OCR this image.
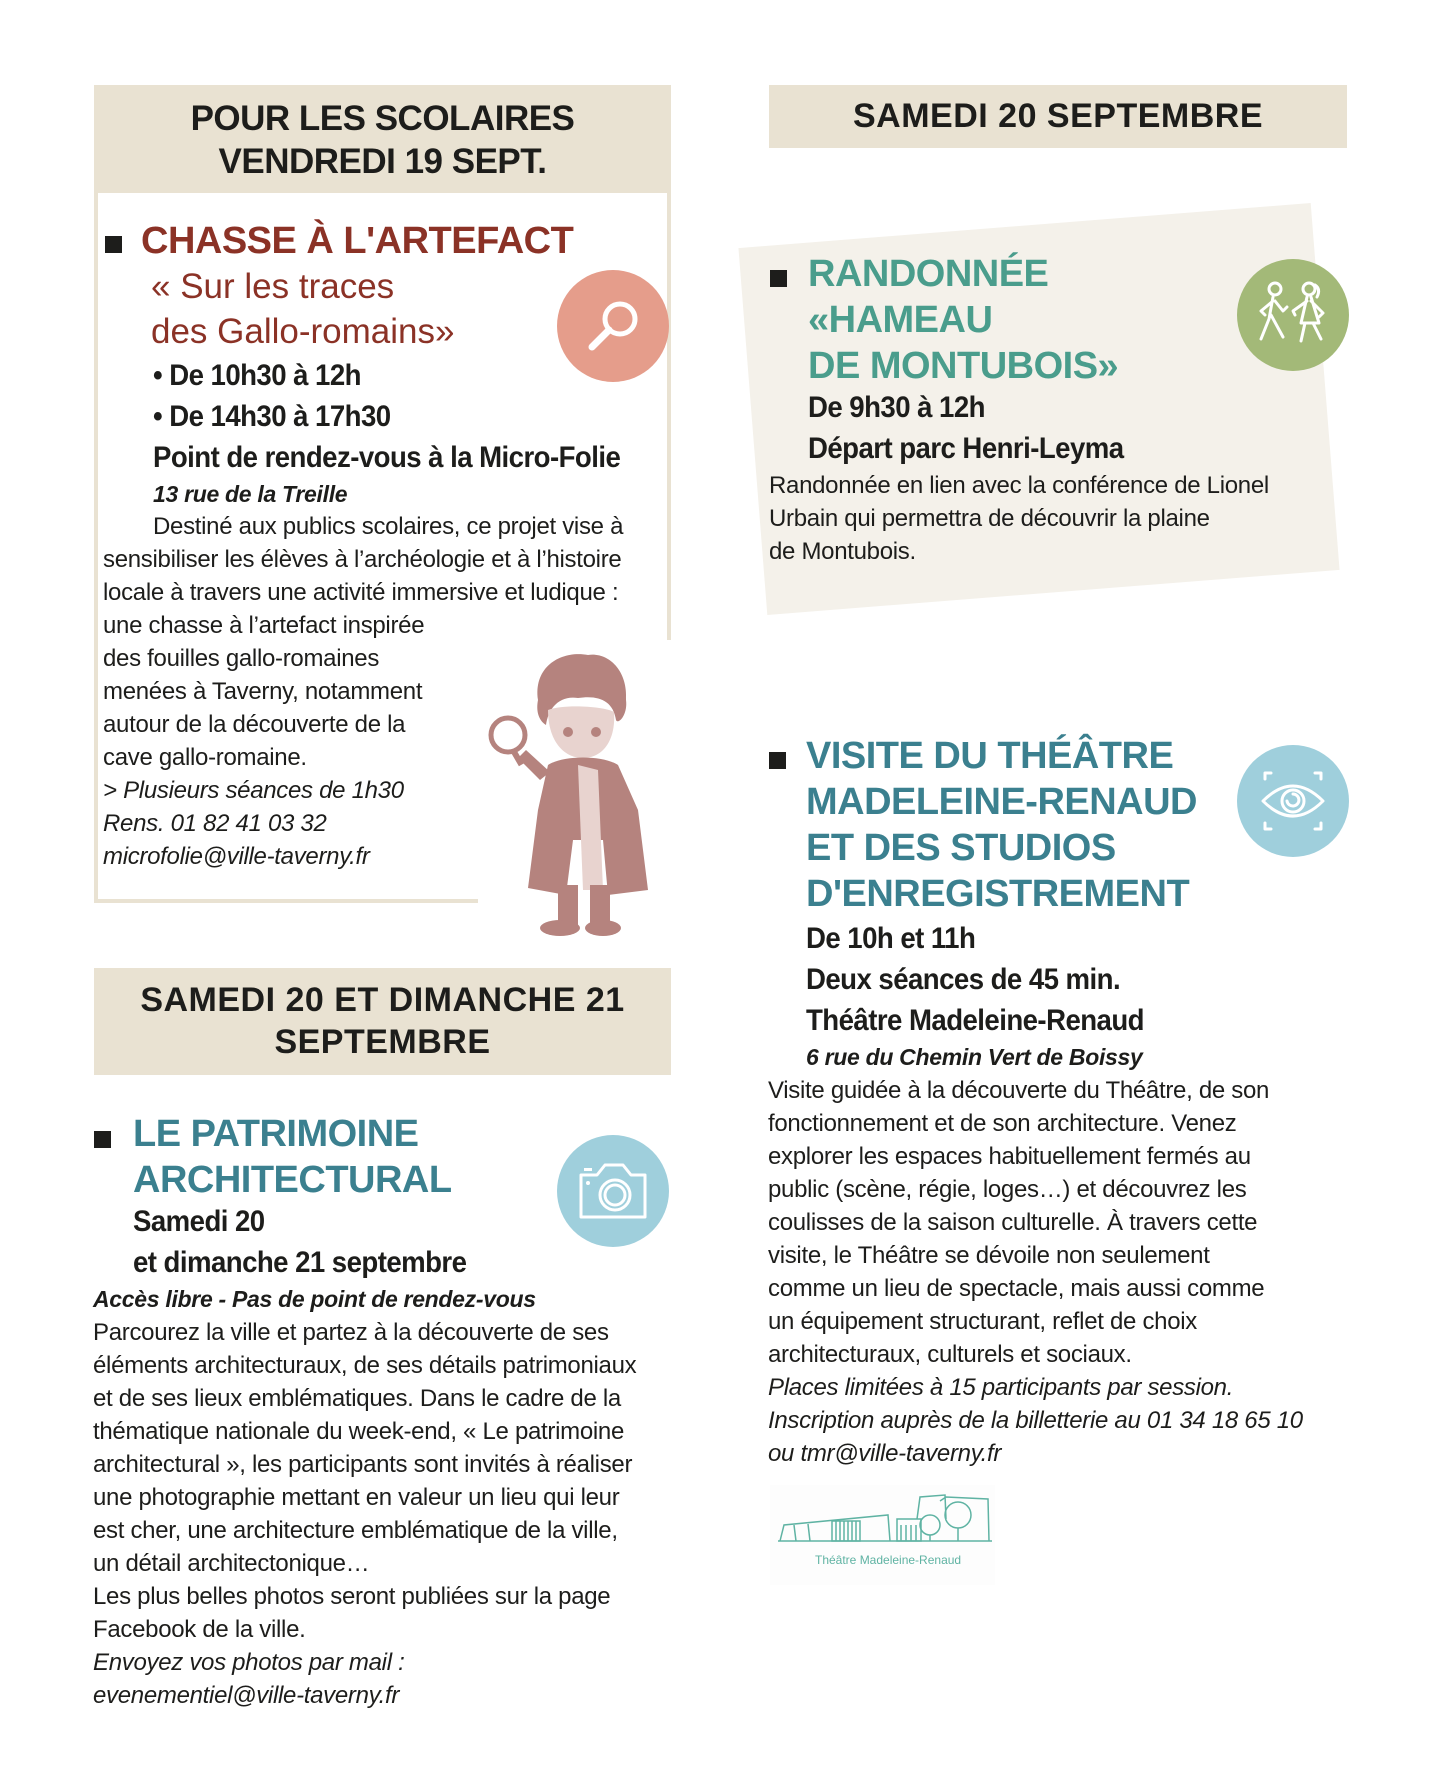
POUR LES SCOLAIRES
VENDREDI 19 SEPT.
CHASSE À L'ARTEFACT
« Sur les traces
des Gallo-romains»
• De 10h30 à 12h
• De 14h30 à 17h30
Point de rendez-vous à la Micro-Folie
13 rue de la Treille
Destiné aux publics scolaires, ce projet vise à
sensibiliser les élèves à l’archéologie et à l’histoire
locale à travers une activité immersive et ludique :
une chasse à l’artefact inspirée
des fouilles gallo-romaines
menées à Taverny, notamment
autour de la découverte de la
cave gallo-romaine.
> Plusieurs séances de 1h30
Rens. 01 82 41 03 32
microfolie@ville-taverny.fr
SAMEDI 20 ET DIMANCHE 21
SEPTEMBRE
LE PATRIMOINE
ARCHITECTURAL
Samedi 20
et dimanche 21 septembre
Accès libre - Pas de point de rendez-vous
Parcourez la ville et partez à la découverte de ses
éléments architecturaux, de ses détails patrimoniaux
et de ses lieux emblématiques. Dans le cadre de la
thématique nationale du week-end, « Le patrimoine
architectural », les participants sont invités à réaliser
une photographie mettant en valeur un lieu qui leur
est cher, une architecture emblématique de la ville,
un détail architectonique…
Les plus belles photos seront publiées sur la page
Facebook de la ville.
Envoyez vos photos par mail :
evenementiel@ville-taverny.fr
SAMEDI 20 SEPTEMBRE
RANDONNÉE
«HAMEAU
DE MONTUBOIS»
De 9h30 à 12h
Départ parc Henri-Leyma
Randonnée en lien avec la conférence de Lionel
Urbain qui permettra de découvrir la plaine
de Montubois.
VISITE DU THÉÂTRE
MADELEINE-RENAUD
ET DES STUDIOS
D'ENREGISTREMENT
De 10h et 11h
Deux séances de 45 min.
Théâtre Madeleine-Renaud
6 rue du Chemin Vert de Boissy
Visite guidée à la découverte du Théâtre, de son
fonctionnement et de son architecture. Venez
explorer les espaces habituellement fermés au
public (scène, régie, loges…) et découvrez les
coulisses de la saison culturelle. À travers cette
visite, le Théâtre se dévoile non seulement
comme un lieu de spectacle, mais aussi comme
un équipement structurant, reflet de choix
architecturaux, culturels et sociaux.
Places limitées à 15 participants par session.
Inscription auprès de la billetterie au 01 34 18 65 10
ou tmr@ville-taverny.fr
Théâtre Madeleine-Renaud
